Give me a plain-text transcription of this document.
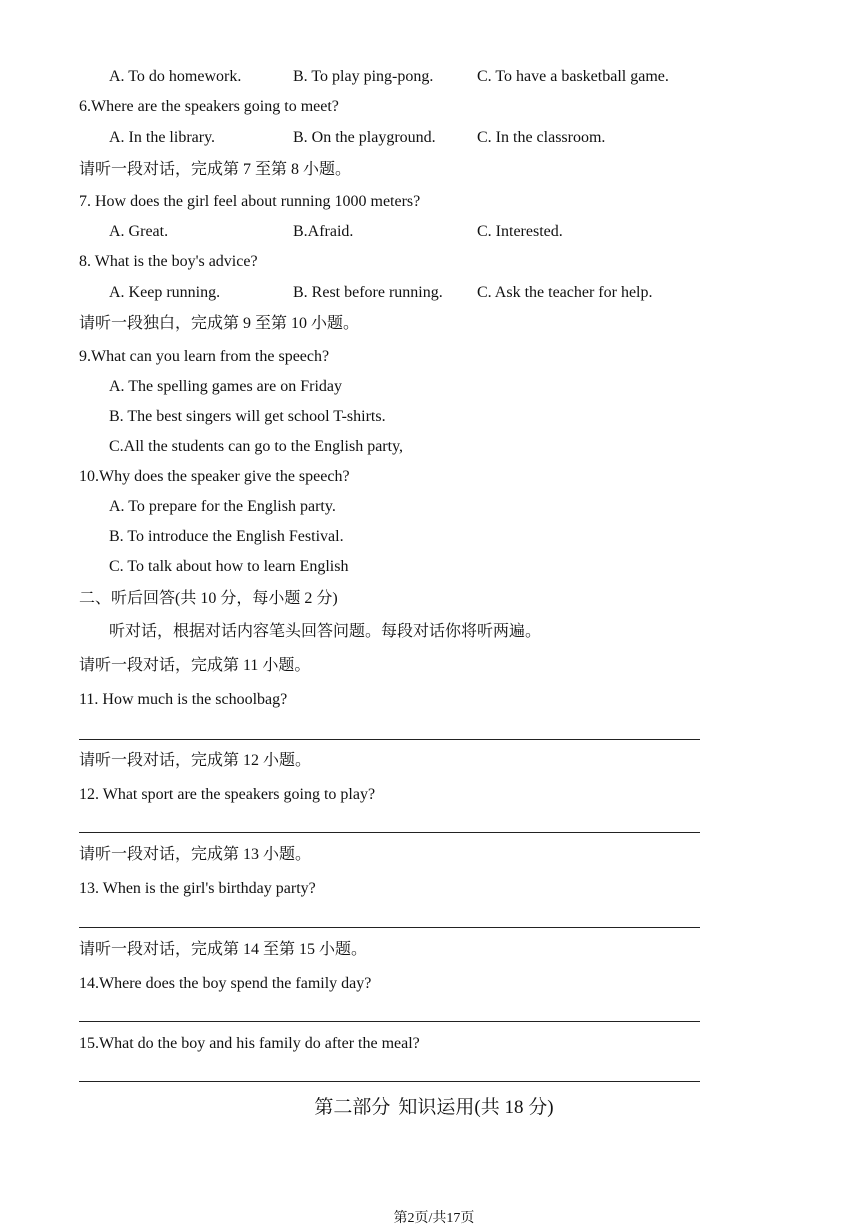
A. To do homework.	B. To play ping-pong.	C. To have a basketball game.
6.Where are the speakers going to meet?
A. In the library.	B. On the playground.	C. In the classroom.
请听一段对话，完成第 7 至第 8 小题。
7. How does the girl feel about running 1000 meters?
A. Great.	B.Afraid.	C. Interested.
8. What is the boy's advice?
A. Keep running.	B. Rest before running. C. Ask the teacher for help.
请听一段独白，完成第 9 至第 10 小题。
9.What can you learn from the speech?
A. The spelling games are on Friday
B. The best singers will get school T-shirts.
C.All the students can go to the English party,
10.Why does the speaker give the speech?
A. To prepare for the English party.
B. To introduce the English Festival.
C. To talk about how to learn English
二、听后回答(共 10 分，每小题 2 分)
听对话，根据对话内容笔头回答问题。每段对话你将听两遍。
请听一段对话，完成第 11 小题。
11. How much is the schoolbag?
请听一段对话，完成第 12 小题。
12. What sport are the speakers going to play?
请听一段对话，完成第 13 小题。
13. When is the girl's birthday party?
请听一段对话，完成第 14 至第 15 小题。
14.Where does the boy spend the family day?
15.What do the boy and his family do after the meal?
第二部分 知识运用(共 18 分)
第2页/共17页
